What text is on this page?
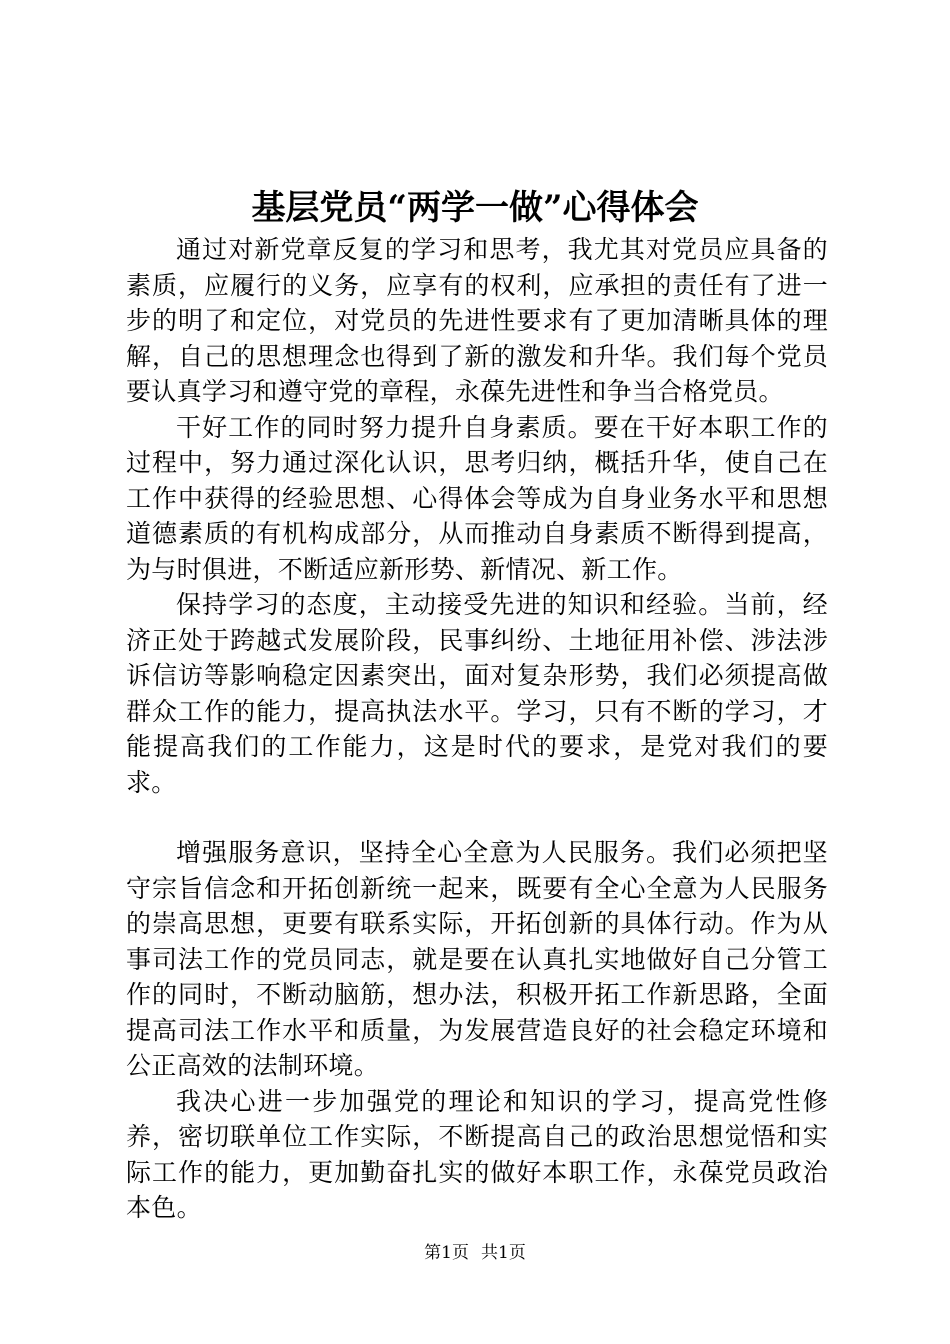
基层党员“两学一做”心得体会

通过对新党章反复的学习和思考，我尤其对党员应具备的素质，应履行的义务，应享有的权利，应承担的责任有了进一步的明了和定位，对党员的先进性要求有了更加清晰具体的理解，自己的思想理念也得到了新的激发和升华。我们每个党员要认真学习和遵守党的章程，永葆先进性和争当合格党员。

干好工作的同时努力提升自身素质。要在干好本职工作的过程中，努力通过深化认识，思考归纳，概括升华，使自己在工作中获得的经验思想、心得体会等成为自身业务水平和思想道德素质的有机构成部分，从而推动自身素质不断得到提高，为与时俱进，不断适应新形势、新情况、新工作。

保持学习的态度，主动接受先进的知识和经验。当前，经济正处于跨越式发展阶段，民事纠纷、土地征用补偿、涉法涉诉信访等影响稳定因素突出，面对复杂形势，我们必须提高做群众工作的能力，提高执法水平。学习，只有不断的学习，才能提高我们的工作能力，这是时代的要求，是党对我们的要求。

增强服务意识，坚持全心全意为人民服务。我们必须把坚守宗旨信念和开拓创新统一起来，既要有全心全意为人民服务的崇高思想，更要有联系实际，开拓创新的具体行动。作为从事司法工作的党员同志，就是要在认真扎实地做好自己分管工作的同时，不断动脑筋，想办法，积极开拓工作新思路，全面提高司法工作水平和质量，为发展营造良好的社会稳定环境和公正高效的法制环境。

我决心进一步加强党的理论和知识的学习，提高党性修养，密切联单位工作实际，不断提高自己的政治思想觉悟和实际工作的能力，更加勤奋扎实的做好本职工作，永葆党员政治本色。

第1页 共1页
